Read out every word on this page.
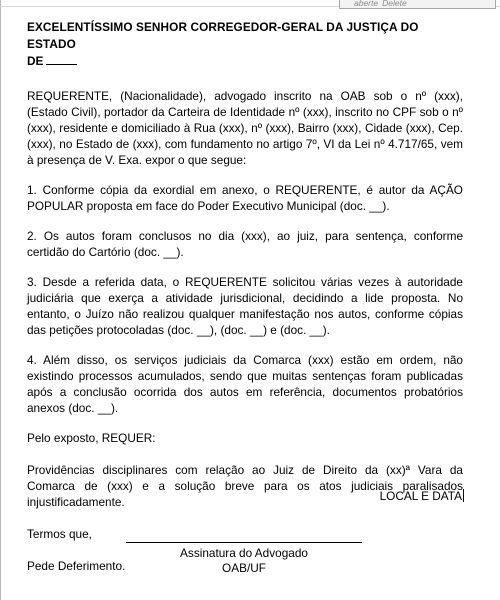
aberte Delete
EXCELENTÍSSIMO SENHOR CORREGEDOR-GERAL DA JUSTIÇA DO ESTADO
DE

REQUERENTE, (Nacionalidade), advogado inscrito na OAB sob o nº (xxx), (Estado Civil), portador da Carteira de Identidade nº (xxx), inscrito no CPF sob o nº (xxx), residente e domiciliado à Rua (xxx), nº (xxx), Bairro (xxx), Cidade (xxx), Cep. (xxx), no Estado de (xxx), com fundamento no artigo 7º, VI da Lei nº 4.717/65, vem à presença de V. Exa. expor o que segue:

1. Conforme cópia da exordial em anexo, o REQUERENTE, é autor da AÇÃO POPULAR proposta em face do Poder Executivo Municipal (doc. __).

2. Os autos foram conclusos no dia (xxx), ao juiz, para sentença, conforme certidão do Cartório (doc. __).

3. Desde a referida data, o REQUERENTE solicitou várias vezes à autoridade judiciária que exerça a atividade jurisdicional, decidindo a lide proposta. No entanto, o Juízo não realizou qualquer manifestação nos autos, conforme cópias das petições protocoladas (doc. __), (doc. __) e (doc. __).

4. Além disso, os serviços judiciais da Comarca (xxx) estão em ordem, não existindo processos acumulados, sendo que muitas sentenças foram publicadas após a conclusão ocorrida dos autos em referência, documentos probatórios anexos (doc. __).

Pelo exposto, REQUER:

Providências disciplinares com relação ao Juiz de Direito da (xx)ª Vara da Comarca de (xxx) e a solução breve para os atos judiciais paralisados injustificadamente.

Termos que,

Pede Deferimento.

LOCAL E DATA
Assinatura do Advogado
OAB/UF
